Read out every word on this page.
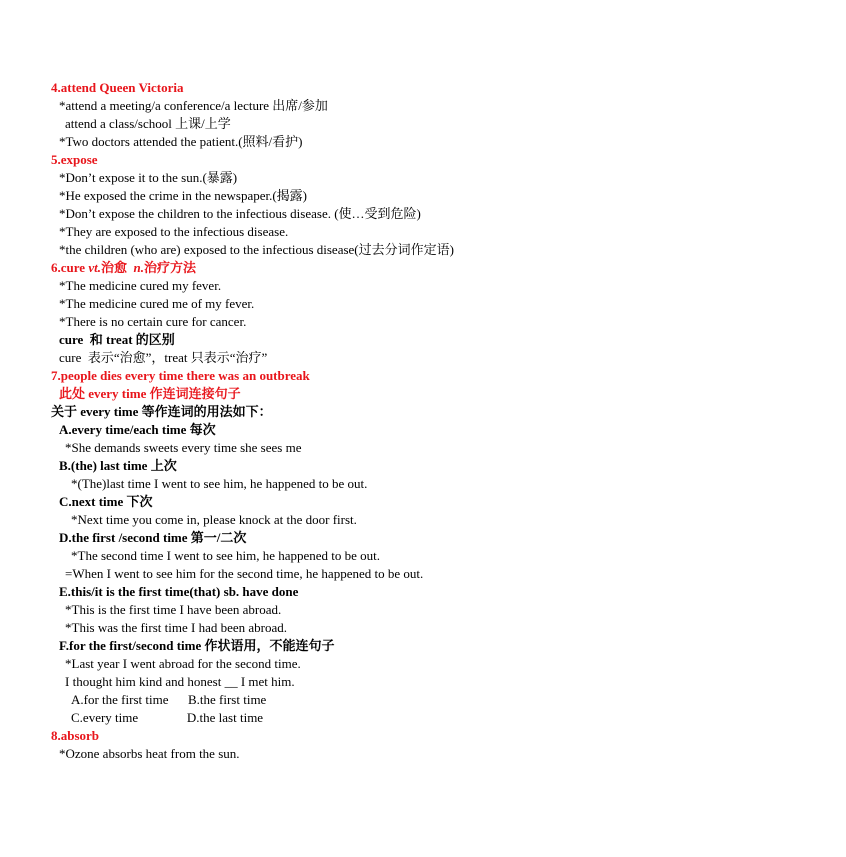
4.attend Queen Victoria
*attend a meeting/a conference/a lecture 出席/参加
attend a class/school 上课/上学
*Two doctors attended the patient.(照料/看护)
5.expose
*Don’t expose it to the sun.(暴露)
*He exposed the crime in the newspaper.(揭露)
*Don’t expose the children to the infectious disease. (使…受到危险)
*They are exposed to the infectious disease.
*the children (who are) exposed to the infectious disease(过去分词作定语)
6.cure vt.治愈  n.治疗方法
*The medicine cured my fever.
*The medicine cured me of my fever.
*There is no certain cure for cancer.
cure  和 treat 的区别
cure  表示“治愈”，treat 只表示“治疗”
7.people dies every time there was an outbreak
此处 every time 作连词连接句子
关于 every time 等作连词的用法如下：
A.every time/each time 每次
*She demands sweets every time she sees me
B.(the) last time 上次
*(The)last time I went to see him, he happened to be out.
C.next time 下次
*Next time you come in, please knock at the door first.
D.the first /second time 第一/二次
*The second time I went to see him, he happened to be out.
=When I went to see him for the second time, he happened to be out.
E.this/it is the first time(that) sb. have done
*This is the first time I have been abroad.
*This was the first time I had been abroad.
F.for the first/second time 作状语用，不能连句子
*Last year I went abroad for the second time.
I thought him kind and honest __ I met him.
A.for the first time      B.the first time
C.every time               D.the last time
8.absorb
*Ozone absorbs heat from the sun.
